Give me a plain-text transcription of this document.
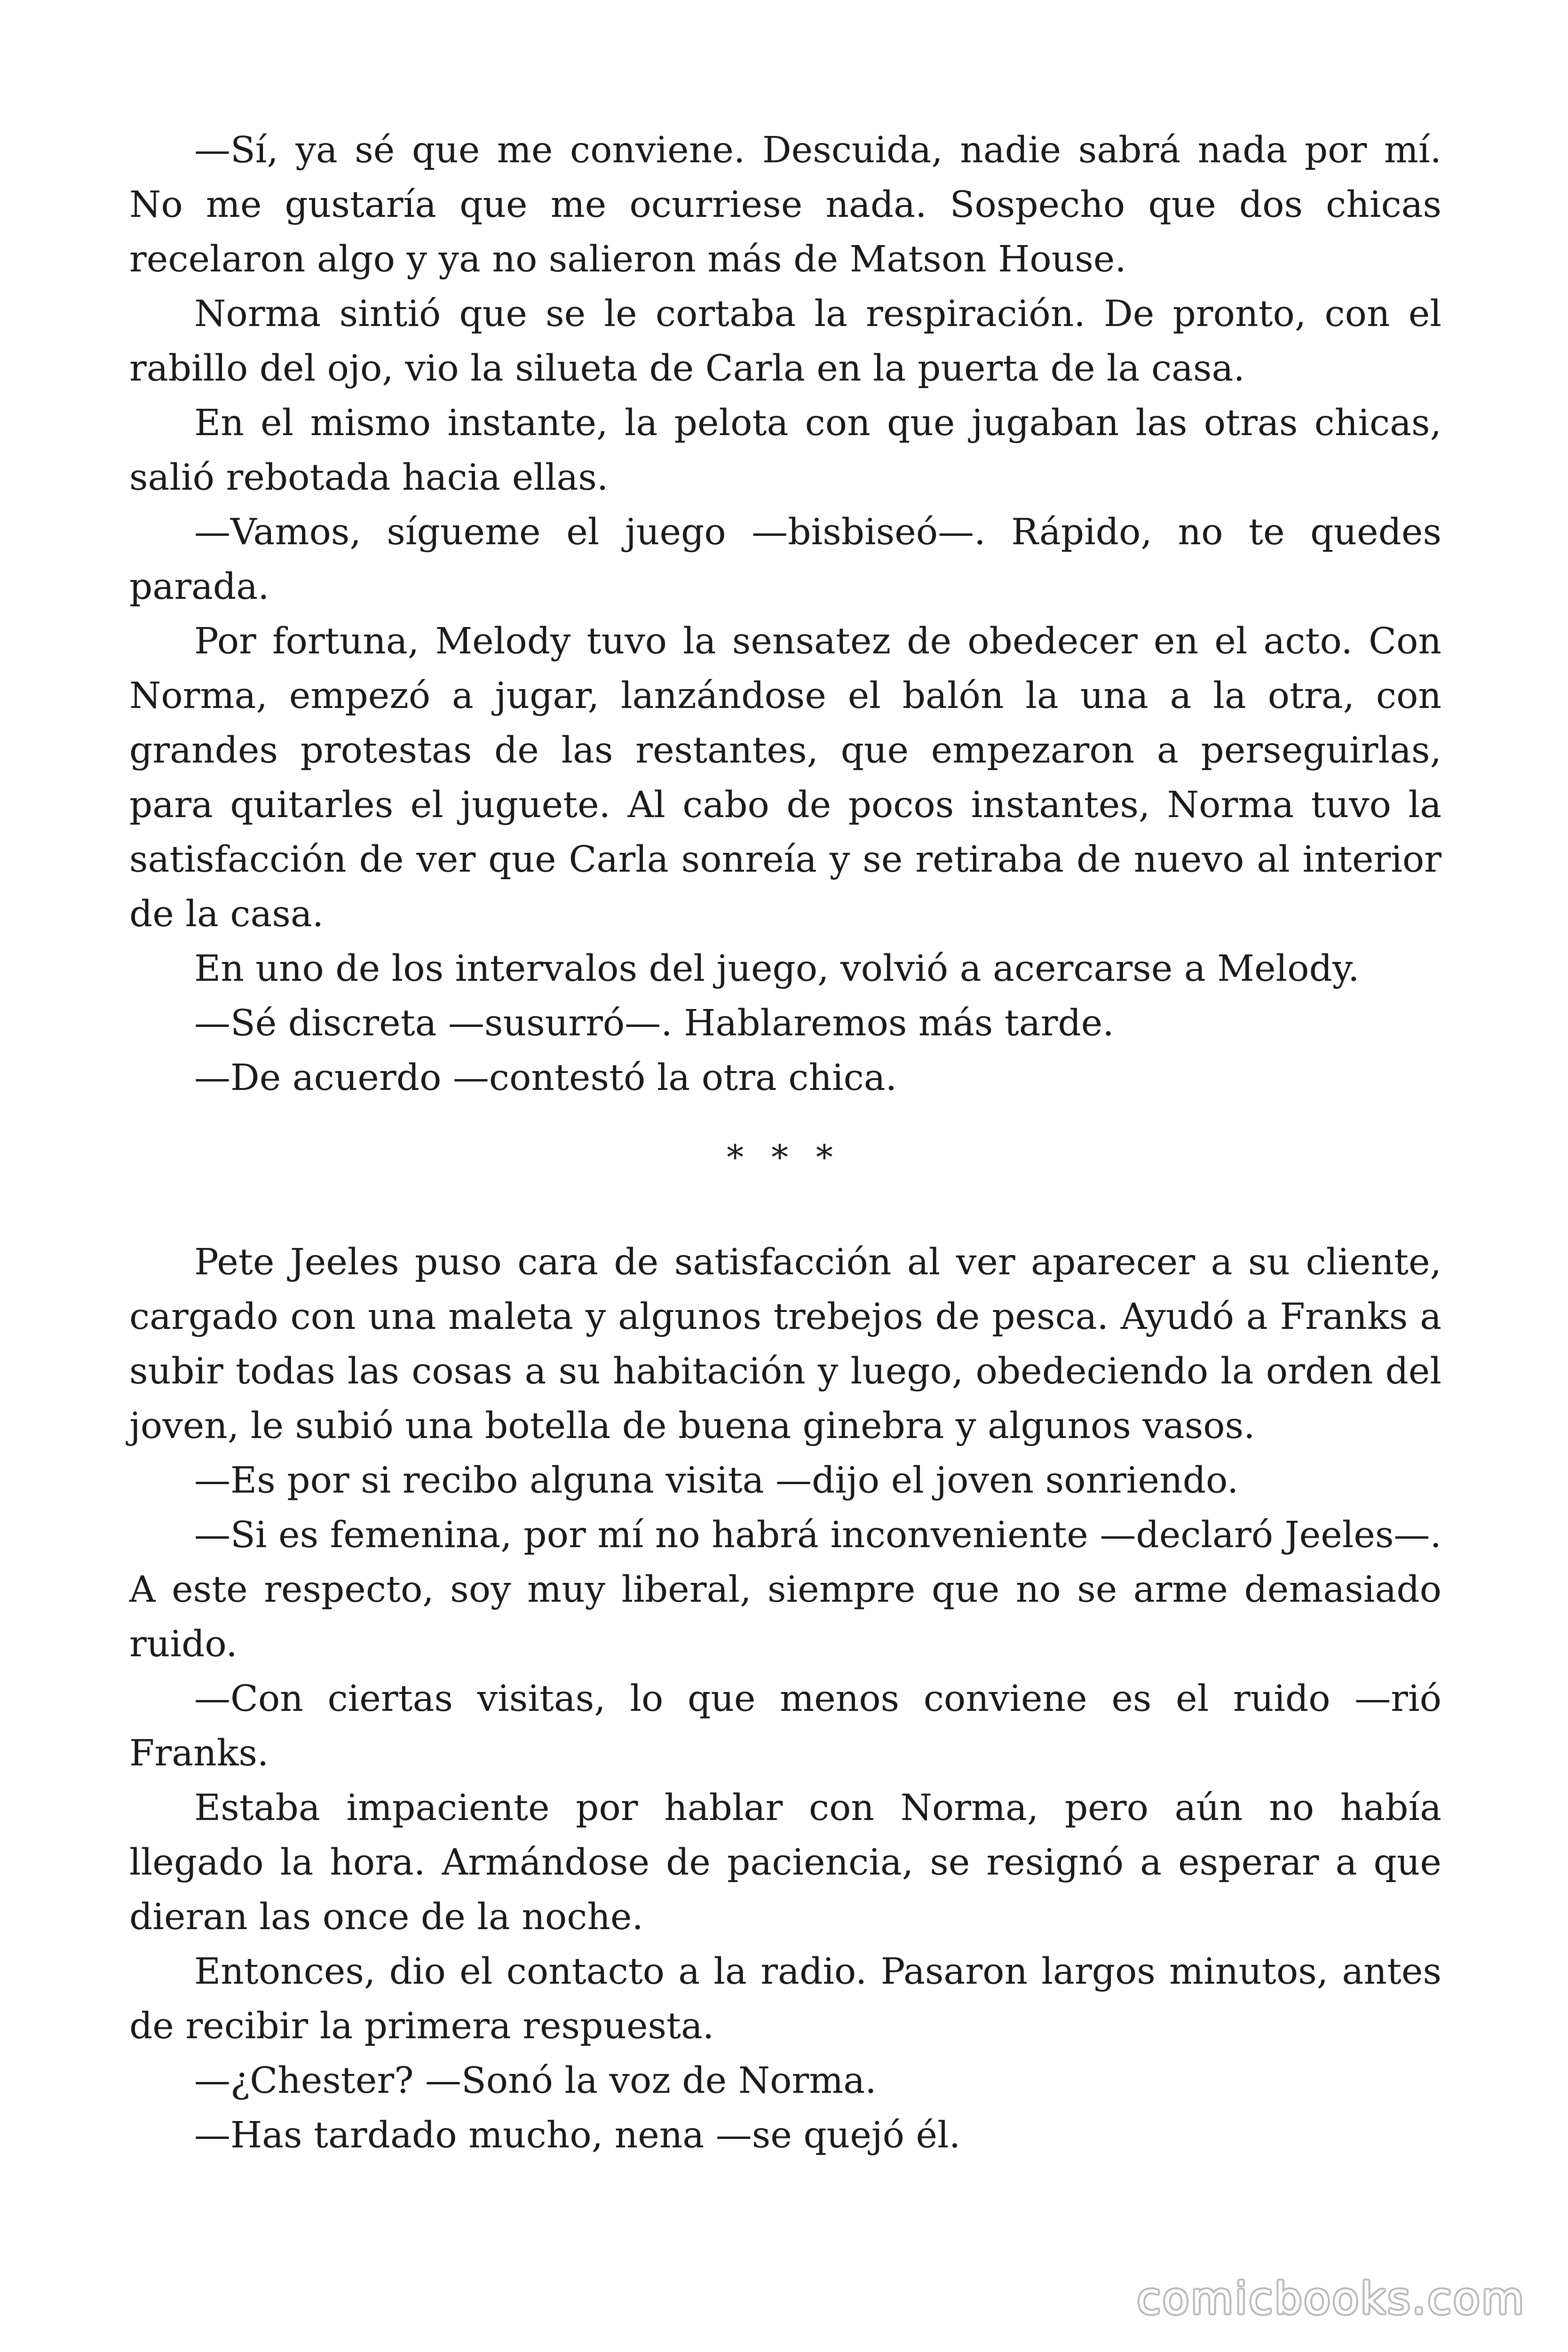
—Sí, ya sé que me conviene. Descuida, nadie sabrá nada por mí. No me gustaría que me ocurriese nada. Sospecho que dos chicas recelaron algo y ya no salieron más de Matson House.

Norma sintió que se le cortaba la respiración. De pronto, con el rabillo del ojo, vio la silueta de Carla en la puerta de la casa.

En el mismo instante, la pelota con que jugaban las otras chicas, salió rebotada hacia ellas.

—Vamos, sígueme el juego —bisbiseó—. Rápido, no te quedes parada.

Por fortuna, Melody tuvo la sensatez de obedecer en el acto. Con Norma, empezó a jugar, lanzándose el balón la una a la otra, con grandes protestas de las restantes, que empezaron a perseguirlas, para quitarles el juguete. Al cabo de pocos instantes, Norma tuvo la satisfacción de ver que Carla sonreía y se retiraba de nuevo al interior de la casa.

En uno de los intervalos del juego, volvió a acercarse a Melody.

—Sé discreta —susurró—. Hablaremos más tarde.

—De acuerdo —contestó la otra chica.

* * *

Pete Jeeles puso cara de satisfacción al ver aparecer a su cliente, cargado con una maleta y algunos trebejos de pesca. Ayudó a Franks a subir todas las cosas a su habitación y luego, obedeciendo la orden del joven, le subió una botella de buena ginebra y algunos vasos.

—Es por si recibo alguna visita —dijo el joven sonriendo.

—Si es femenina, por mí no habrá inconveniente —declaró Jeeles—. A este respecto, soy muy liberal, siempre que no se arme demasiado ruido.

—Con ciertas visitas, lo que menos conviene es el ruido —rió Franks.

Estaba impaciente por hablar con Norma, pero aún no había llegado la hora. Armándose de paciencia, se resignó a esperar a que dieran las once de la noche.

Entonces, dio el contacto a la radio. Pasaron largos minutos, antes de recibir la primera respuesta.

—¿Chester? —Sonó la voz de Norma.

—Has tardado mucho, nena —se quejó él.

comicbooks.com
